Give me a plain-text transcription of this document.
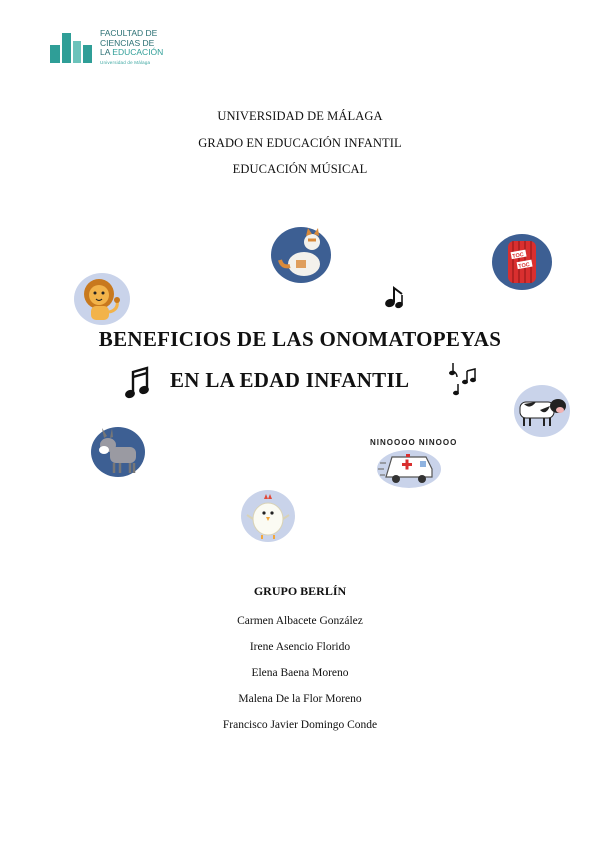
FACULTAD DE
CIENCIAS DE
LA EDUCACIÓN
Universidad de Málaga
UNIVERSIDAD DE MÁLAGA
GRADO EN EDUCACIÓN INFANTIL
EDUCACIÓN MÚSICAL
TOC
TOC
BENEFICIOS DE LAS ONOMATOPEYAS
EN LA EDAD INFANTIL
NINOOOO NINOOO
GRUPO BERLÍN
Carmen Albacete González
Irene Asencio Florido
Elena Baena Moreno
Malena De la Flor Moreno
Francisco Javier Domingo Conde
